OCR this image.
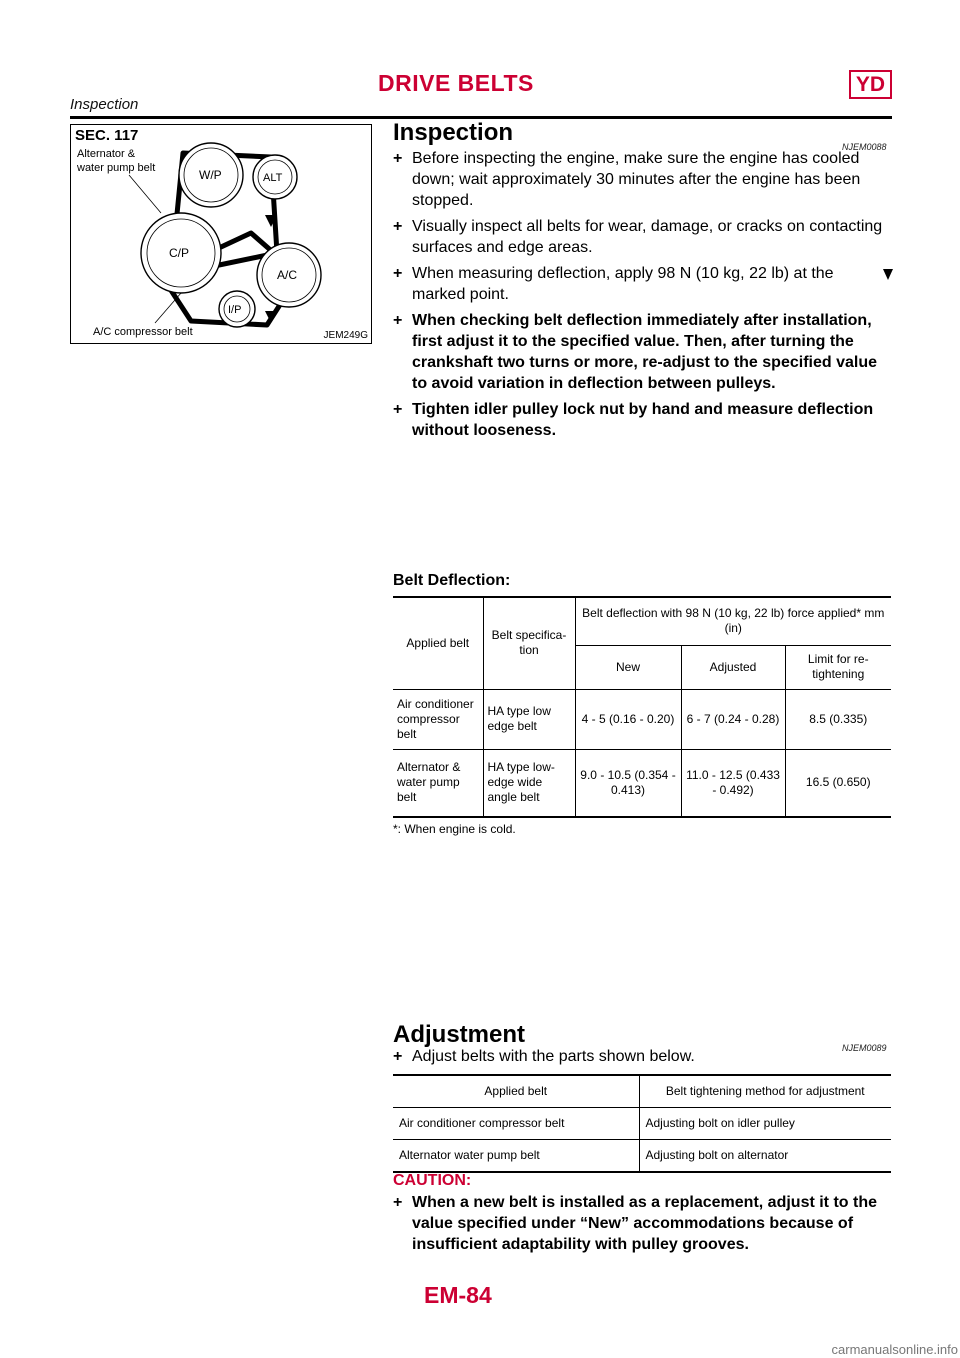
DRIVE BELTS	YD
Inspection
SEC. 117
Alternator &
water pump belt	W/P	ALT
C/P
A/C
I/P
A/C compressor belt	JEM249G
Inspection
NJEM0088
+ Before inspecting the engine, make sure the engine has cooled down; wait approximately 30 minutes after the engine has been stopped.
+ Visually inspect all belts for wear, damage, or cracks on contacting surfaces and edge areas.
+ When measuring deflection, apply 98 N (10 kg, 22 lb) at the

marked point.
+ When checking belt deflection immediately after installation, first adjust it to the specified value. Then, after turning the crankshaft two turns or more, re-adjust to the specified value to avoid variation in deflection between pulleys.
+ Tighten idler pulley lock nut by hand and measure deflection without looseness.
Belt Deflection:
Applied belt	Belt specifica- tion	Belt deflection with 98 N (10 kg, 22 lb) force applied* mm (in)		
		New	Adjusted	Limit for re- tightening
Air conditioner compressor belt	HA type low edge belt	4 - 5 (0.16 - 0.20)	6 - 7 (0.24 - 0.28)	8.5 (0.335)
Alternator & water pump belt	HA type low- edge wide angle belt	9.0 - 10.5 (0.354 - 0.413)	11.0 - 12.5 (0.433 - 0.492)	16.5 (0.650)
*: When engine is cold.
Adjustment	NJEM0089
+ Adjust belts with the parts shown below.
Applied belt	Belt tightening method for adjustment
Air conditioner compressor belt	Adjusting bolt on idler pulley
Alternator water pump belt	Adjusting bolt on alternator
CAUTION:
+ When a new belt is installed as a replacement, adjust it to the value specified under “New” accommodations because of insufficient adaptability with pulley grooves.
EM-84
carmanualsonline.info
